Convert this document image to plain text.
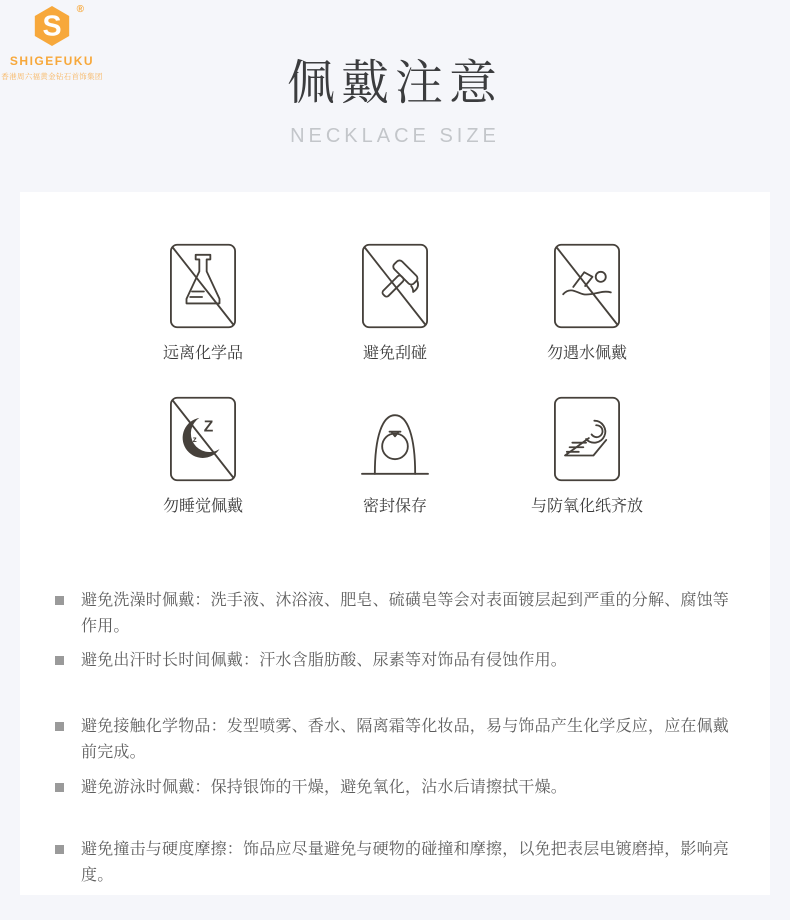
S
®
SHIGEFUKU
香港周六福黄金钻石首饰集团	佩戴注意
NECKLACE SIZE
远离化学品	避免刮碰	勿遇水佩戴
Z
z
勿睡觉佩戴	密封保存	与防氧化纸齐放
避免洗澡时佩戴：洗手液、沐浴液、肥皂、硫磺皂等会对表面镀层起到严重的分解、腐蚀等作用。
避免出汗时长时间佩戴：汗水含脂肪酸、尿素等对饰品有侵蚀作用。
避免接触化学物品：发型喷雾、香水、隔离霜等化妆品，易与饰品产生化学反应，应在佩戴前完成。
避免游泳时佩戴：保持银饰的干燥，避免氧化，沾水后请擦拭干燥。
避免撞击与硬度摩擦：饰品应尽量避免与硬物的碰撞和摩擦，以免把表层电镀磨掉，影响亮度。
